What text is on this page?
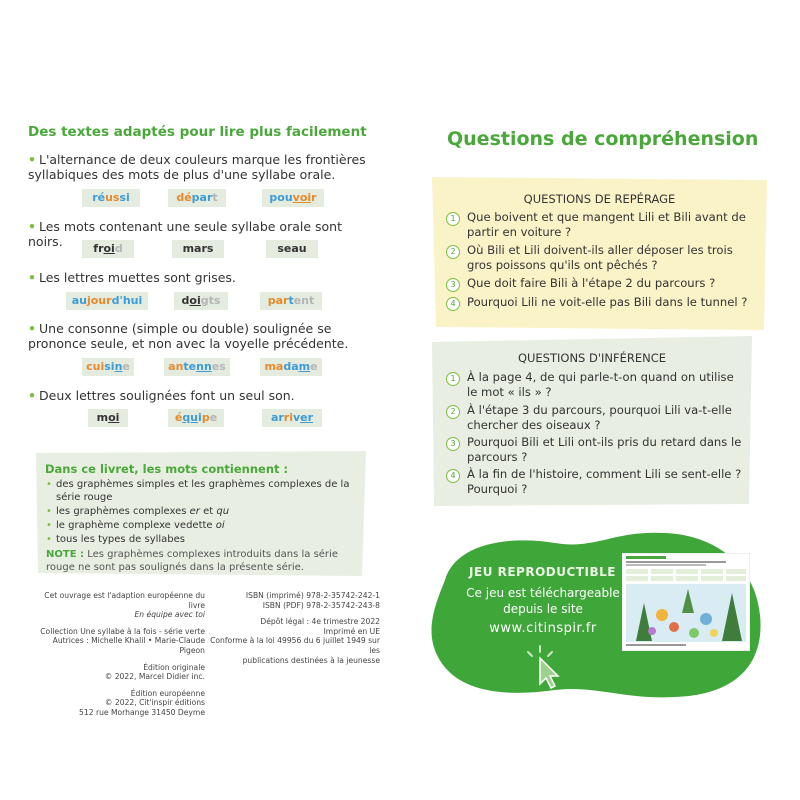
Des textes adaptés pour lire plus facilement
• L'alternance de deux couleurs marque les frontières syllabiques des mots de plus d'une syllabe orale.
réussi	départ	pouvoir
• Les mots contenant une seule syllabe orale sont noirs.	froid	mars	seau
• Les lettres muettes sont grises.
aujourd'hui	doigts	partent
• Une consonne (simple ou double) soulignée se prononce seule, et non avec la voyelle précédente.
cuisine	antennes	madame
• Deux lettres soulignées font un seul son.
moi	équipe	arriver
Dans ce livret, les mots contiennent :
• des graphèmes simples et les graphèmes complexes de la série rouge
• les graphèmes complexes er et qu
• le graphème complexe vedette oi
• tous les types de syllabes
NOTE : Les graphèmes complexes introduits dans la série rouge ne sont pas soulignés dans la présente série.
Cet ouvrage est l'adaption européenne du livre
En équipe avec toi
Collection Une syllabe à la fois - série verte
Autrices : Michelle Khalil • Marie-Claude Pigeon
Édition originale
© 2022, Marcel Didier inc.
Édition européenne
© 2022, Cit'inspir éditions
512 rue Morhange 31450 Deyme
ISBN (imprimé) 978-2-35742-242-1
ISBN (PDF) 978-2-35742-243-8
Dépôt légal : 4e trimestre 2022
Imprimé en UE
Conforme à la loi 49956 du 6 juillet 1949 sur les
publications destinées à la jeunesse
Questions de compréhension
QUESTIONS DE REPÉRAGE
1 Que boivent et que mangent Lili et Bili avant de partir en voiture ?
2 Où Bili et Lili doivent-ils aller déposer les trois gros poissons qu'ils ont pêchés ?
3 Que doit faire Bili à l'étape 2 du parcours ?
4 Pourquoi Lili ne voit-elle pas Bili dans le tunnel ?
QUESTIONS D'INFÉRENCE
1 À la page 4, de qui parle-t-on quand on utilise le mot « ils » ?
2 À l'étape 3 du parcours, pourquoi Lili va-t-elle chercher des oiseaux ?
3 Pourquoi Bili et Lili ont-ils pris du retard dans le parcours ?
4 À la fin de l'histoire, comment Lili se sent-elle ? Pourquoi ?
JEU REPRODUCTIBLE
Ce jeu est téléchargeable
depuis le site
www.citinspir.fr
